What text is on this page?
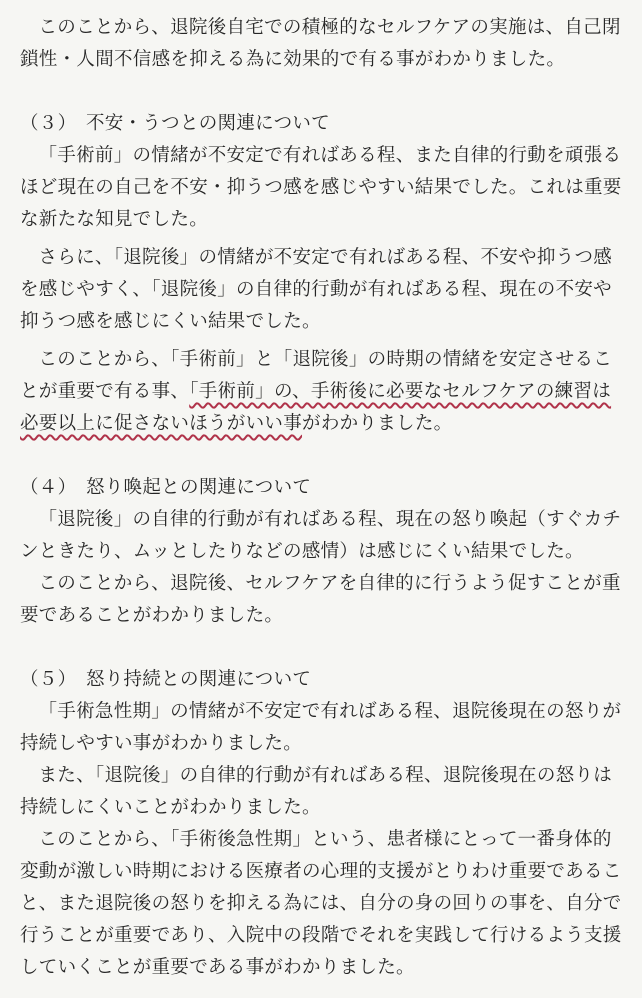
このことから、退院後自宅での積極的なセルフケアの実施は、自己閉鎖性・人間不信感を抑える為に効果的で有る事がわかりました。

（３）　不安・うつとの関連について

「手術前」の情緒が不安定で有ればある程、また自律的行動を頑張るほど現在の自己を不安・抑うつ感を感じやすい結果でした。これは重要な新たな知見でした。

さらに、「退院後」の情緒が不安定で有ればある程、不安や抑うつ感を感じやすく、「退院後」の自律的行動が有ればある程、現在の不安や抑うつ感を感じにくい結果でした。

このことから、「手術前」と「退院後」の時期の情緒を安定させることが重要で有る事、「手術前」の、手術後に必要なセルフケアの練習は必要以上に促さないほうがいい事がわかりました。

（４）　怒り喚起との関連について

「退院後」の自律的行動が有ればある程、現在の怒り喚起（すぐカチンときたり、ムッとしたりなどの感情）は感じにくい結果でした。

このことから、退院後、セルフケアを自律的に行うよう促すことが重要であることがわかりました。

（５）　怒り持続との関連について

「手術急性期」の情緒が不安定で有ればある程、退院後現在の怒りが持続しやすい事がわかりました。

また、「退院後」の自律的行動が有ればある程、退院後現在の怒りは持続しにくいことがわかりました。

このことから、「手術後急性期」という、患者様にとって一番身体的変動が激しい時期における医療者の心理的支援がとりわけ重要であること、また退院後の怒りを抑える為には、自分の身の回りの事を、自分で行うことが重要であり、入院中の段階でそれを実践して行けるよう支援していくことが重要である事がわかりました。
